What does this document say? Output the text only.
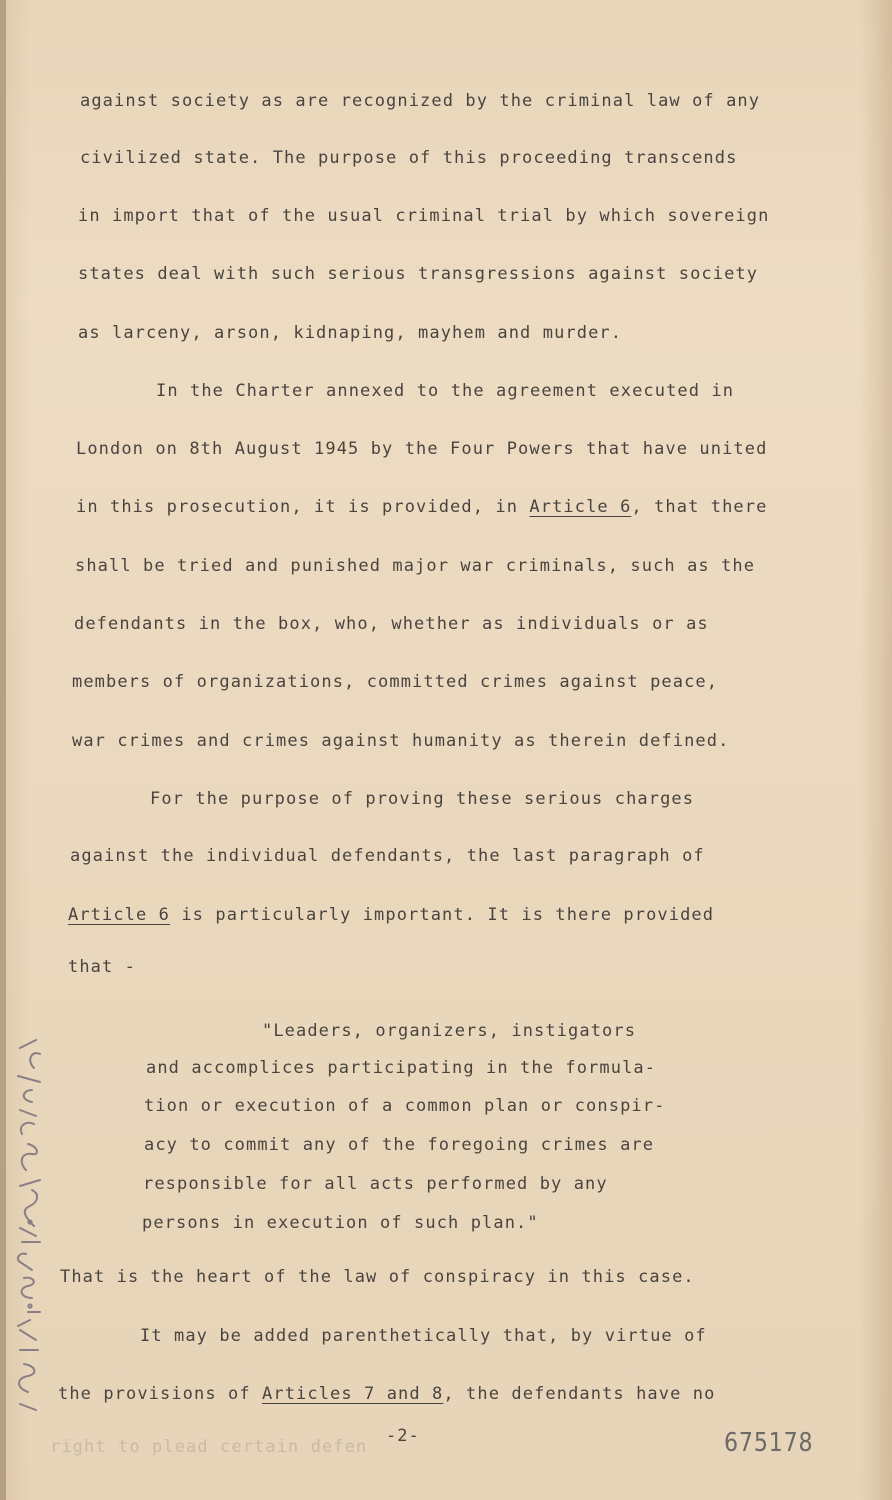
against society as are recognized by the criminal law of any
civilized state. The purpose of this proceeding transcends
in import that of the usual criminal trial by which sovereign
states deal with such serious transgressions against society
as larceny, arson, kidnaping, mayhem and murder.
In the Charter annexed to the agreement executed in
London on 8th August 1945 by the Four Powers that have united
in this prosecution, it is provided, in Article 6, that there
shall be tried and punished major war criminals, such as the
defendants in the box, who, whether as individuals or as
members of organizations, committed crimes against peace,
war crimes and crimes against humanity as therein defined.
For the purpose of proving these serious charges
against the individual defendants, the last paragraph of
Article 6 is particularly important. It is there provided
that -
"Leaders, organizers, instigators
and accomplices participating in the formula-
tion or execution of a common plan or conspir-
acy to commit any of the foregoing crimes are
responsible for all acts performed by any
persons in execution of such plan."
That is the heart of the law of conspiracy in this case.
It may be added parenthetically that, by virtue of
the provisions of Articles 7 and 8, the defendants have no
right to plead certain defen
-2-	675178
